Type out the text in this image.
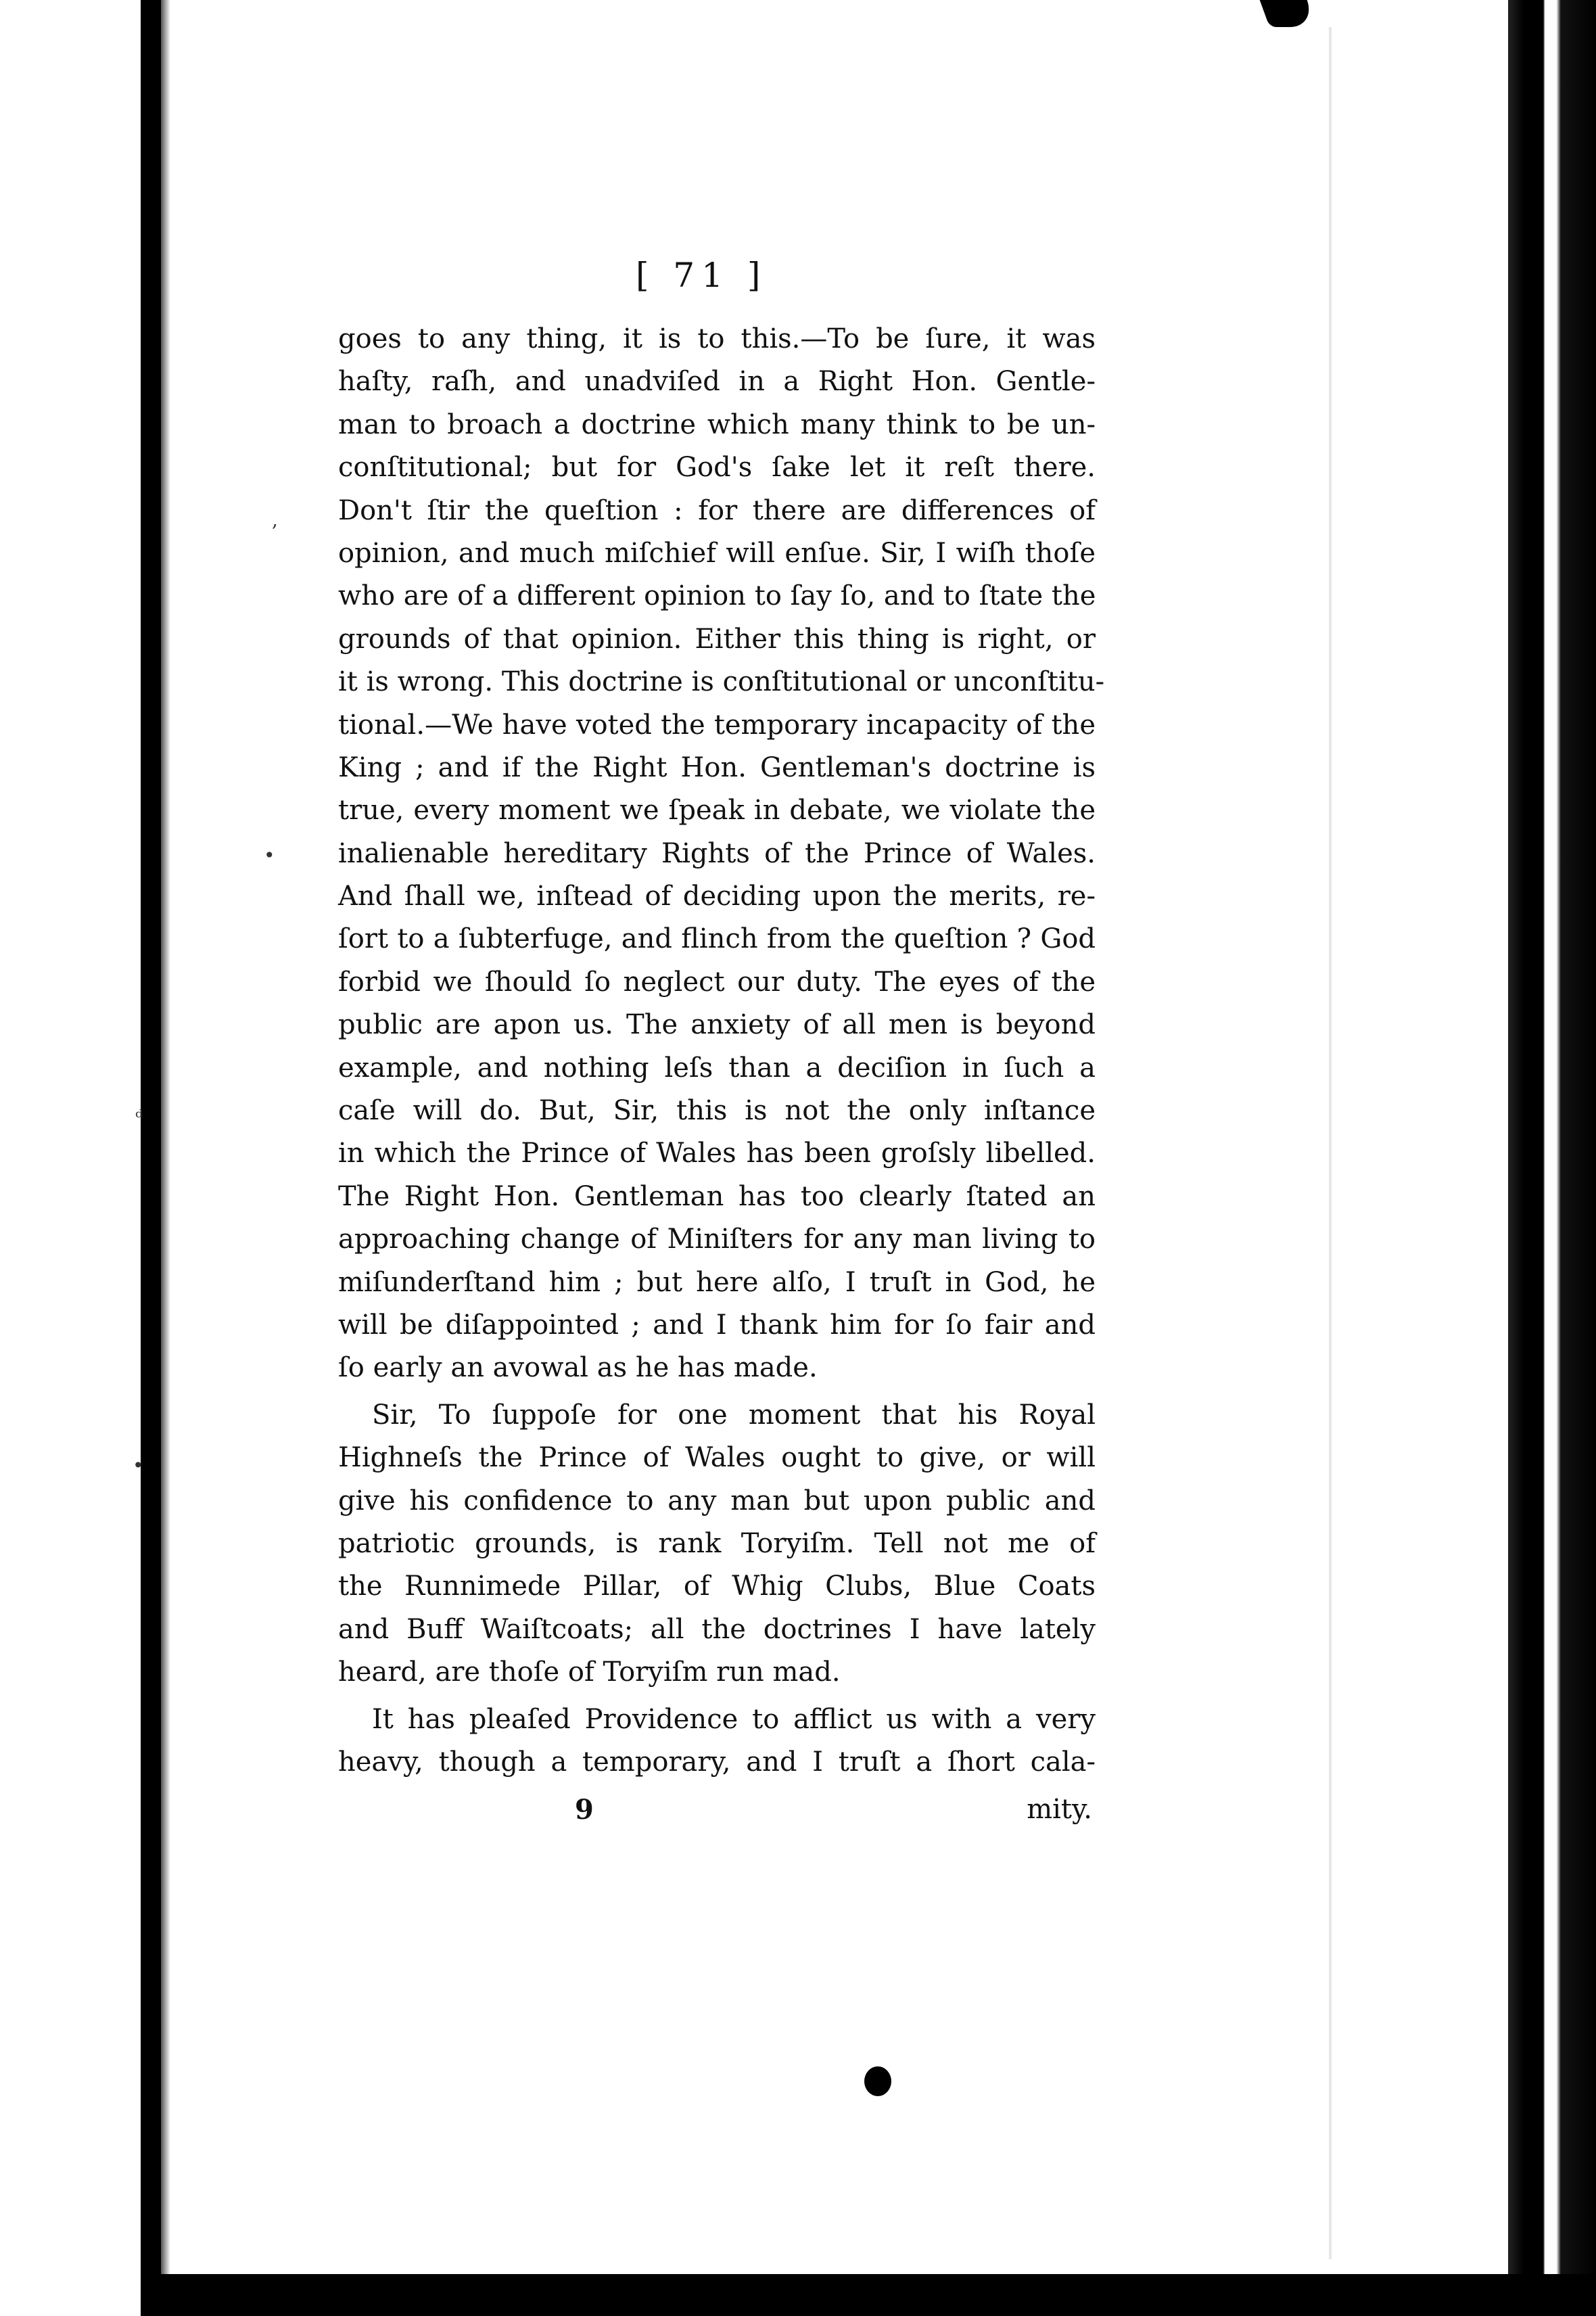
,
•
ᵈ
•
[ 71 ]
goes to any thing, it is to this.—To be ſure, it was
haſty, raſh, and unadviſed in a Right Hon. Gentle-
man to broach a doctrine which many think to be un-
conſtitutional; but for God's ſake let it reſt there.
Don't ſtir the queſtion : for there are differences of
opinion, and much miſchief will enſue. Sir, I wiſh thoſe
who are of a different opinion to ſay ſo, and to ſtate the
grounds of that opinion. Either this thing is right, or
it is wrong. This doctrine is conſtitutional or unconſtitu-
tional.—We have voted the temporary incapacity of the
King ; and if the Right Hon. Gentleman's doctrine is
true, every moment we ſpeak in debate, we violate the
inalienable hereditary Rights of the Prince of Wales.
And ſhall we, inſtead of deciding upon the merits, re-
ſort to a ſubterfuge, and flinch from the queſtion ? God
forbid we ſhould ſo neglect our duty. The eyes of the
public are apon us. The anxiety of all men is beyond
example, and nothing leſs than a deciſion in ſuch a
caſe will do. But, Sir, this is not the only inſtance
in which the Prince of Wales has been groſsly libelled.
The Right Hon. Gentleman has too clearly ſtated an
approaching change of Miniſters for any man living to
miſunderſtand him ; but here alſo, I truſt in God, he
will be diſappointed ; and I thank him for ſo fair and
ſo early an avowal as he has made.
Sir, To ſuppoſe for one moment that his Royal
Highneſs the Prince of Wales ought to give, or will
give his confidence to any man but upon public and
patriotic grounds, is rank Toryiſm. Tell not me of
the Runnimede Pillar, of Whig Clubs, Blue Coats
and Buff Waiſtcoats; all the doctrines I have lately
heard, are thoſe of Toryiſm run mad.
It has pleaſed Providence to afflict us with a very
heavy, though a temporary, and I truſt a ſhort cala-
9	mity.
